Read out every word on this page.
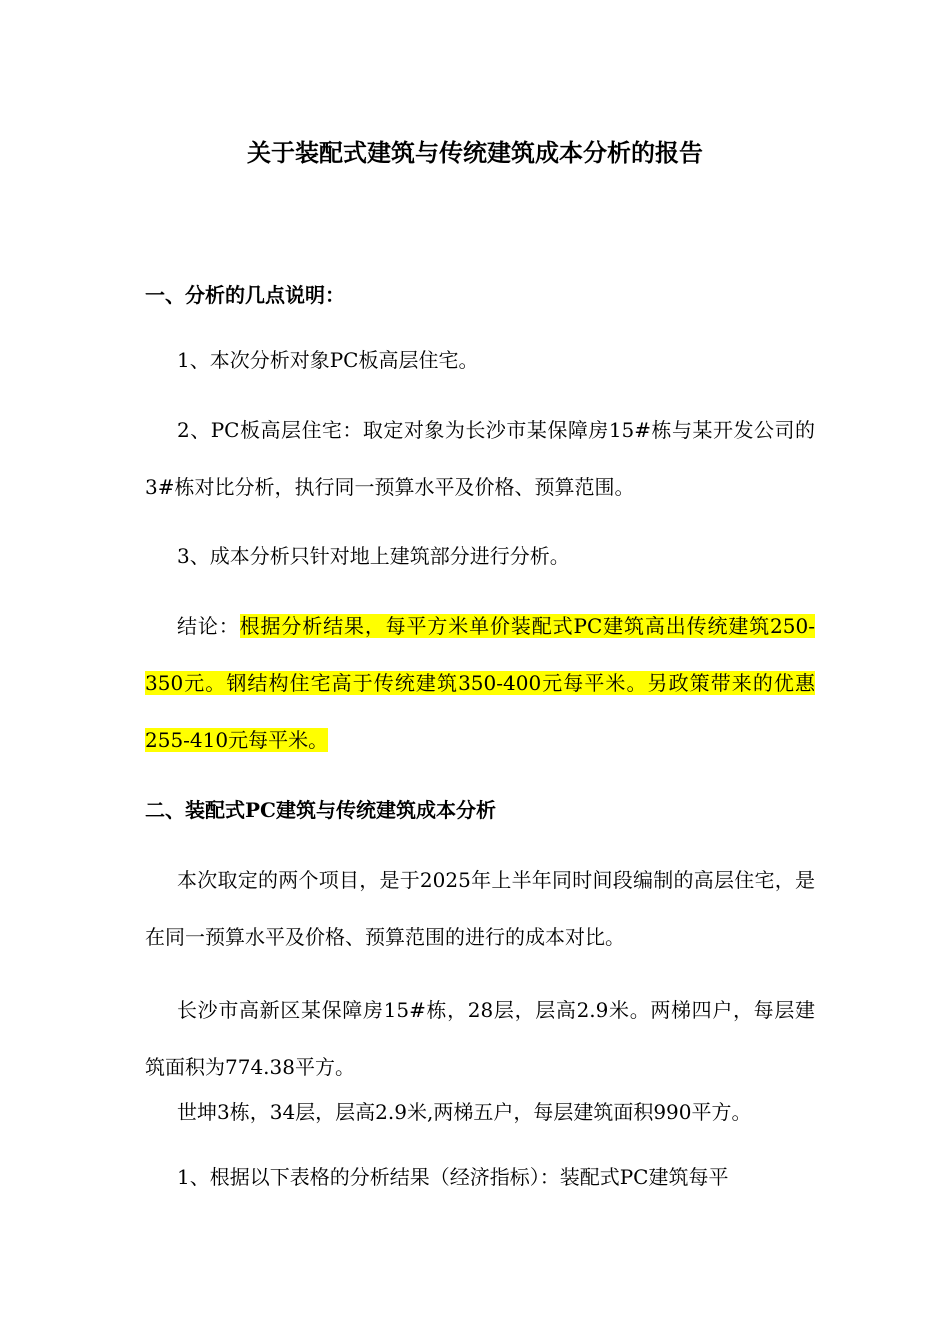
关于装配式建筑与传统建筑成本分析的报告
一、分析的几点说明：
1、本次分析对象PC板高层住宅。
2、PC板高层住宅：取定对象为长沙市某保障房15#栋与某开发公司的3#栋对比分析，执行同一预算水平及价格、预算范围。
3、成本分析只针对地上建筑部分进行分析。
结论：根据分析结果，每平方米单价装配式PC建筑高出传统建筑250-350元。钢结构住宅高于传统建筑350-400元每平米。另政策带来的优惠255-410元每平米。
二、装配式PC建筑与传统建筑成本分析
本次取定的两个项目，是于2025年上半年同时间段编制的高层住宅，是在同一预算水平及价格、预算范围的进行的成本对比。
长沙市高新区某保障房15#栋，28层，层高2.9米。两梯四户，每层建筑面积为774.38平方。
世坤3栋，34层，层高2.9米,两梯五户，每层建筑面积990平方。
1、根据以下表格的分析结果（经济指标）：装配式PC建筑每平
